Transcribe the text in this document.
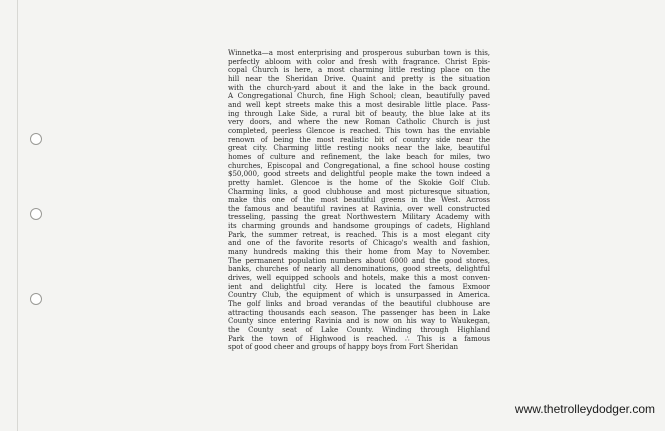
Winnetka—a most enterprising and prosperous suburban town is this,
perfectly abloom with color and fresh with fragrance. Christ Epis-
copal Church is here, a most charming little resting place on the
hill near the Sheridan Drive. Quaint and pretty is the situation
with the church-yard about it and the lake in the back ground.
A Congregational Church, fine High School; clean, beautifully paved
and well kept streets make this a most desirable little place. Pass-
ing through Lake Side, a rural bit of beauty, the blue lake at its
very doors, and where the new Roman Catholic Church is just
completed, peerless Glencoe is reached. This town has the enviable
renown of being the most realistic bit of country side near the
great city. Charming little resting nooks near the lake, beautiful
homes of culture and refinement, the lake beach for miles, two
churches, Episcopal and Congregational, a fine school house costing
$50,000, good streets and delightful people make the town indeed a
pretty hamlet. Glencoe is the home of the Skokie Golf Club.
Charming links, a good clubhouse and most picturesque situation,
make this one of the most beautiful greens in the West. Across
the famous and beautiful ravines at Ravinia, over well constructed
tresseling, passing the great Northwestern Military Academy with
its charming grounds and handsome groupings of cadets, Highland
Park, the summer retreat, is reached. This is a most elegant city
and one of the favorite resorts of Chicago's wealth and fashion,
many hundreds making this their home from May to November.
The permanent population numbers about 6000 and the good stores,
banks, churches of nearly all denominations, good streets, delightful
drives, well equipped schools and hotels, make this a most conven-
ient and delightful city. Here is located the famous Exmoor
Country Club, the equipment of which is unsurpassed in America.
The golf links and broad verandas of the beautiful clubhouse are
attracting thousands each season. The passenger has been in Lake
County since entering Ravinia and is now on his way to Waukegan,
the County seat of Lake County. Winding through Highland
Park the town of Highwood is reached. ∴ This is a famous
spot of good cheer and groups of happy boys from Fort Sheridan
www.thetrolleydodger.com
